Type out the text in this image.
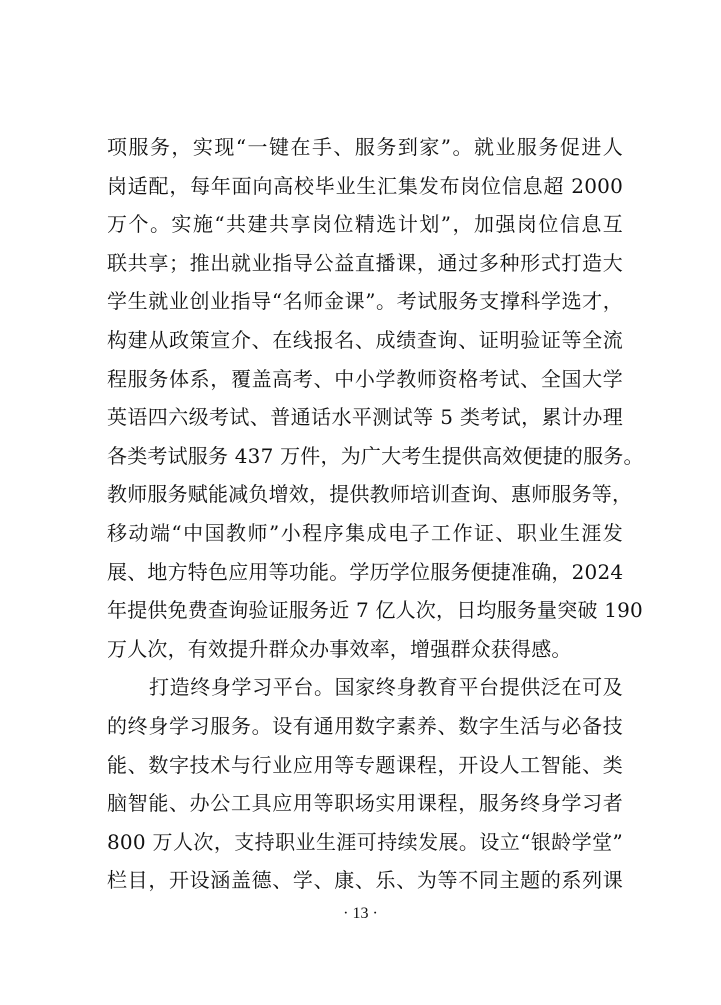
项服务，实现“一键在手、服务到家”。就业服务促进人
岗适配，每年面向高校毕业生汇集发布岗位信息超 2000
万个。实施“共建共享岗位精选计划”，加强岗位信息互
联共享；推出就业指导公益直播课，通过多种形式打造大
学生就业创业指导“名师金课”。考试服务支撑科学选才，
构建从政策宣介、在线报名、成绩查询、证明验证等全流
程服务体系，覆盖高考、中小学教师资格考试、全国大学
英语四六级考试、普通话水平测试等 5 类考试，累计办理
各类考试服务 437 万件，为广大考生提供高效便捷的服务。
教师服务赋能减负增效，提供教师培训查询、惠师服务等，
移动端“中国教师”小程序集成电子工作证、职业生涯发
展、地方特色应用等功能。学历学位服务便捷准确，2024
年提供免费查询验证服务近 7 亿人次，日均服务量突破 190
万人次，有效提升群众办事效率，增强群众获得感。
打造终身学习平台。国家终身教育平台提供泛在可及
的终身学习服务。设有通用数字素养、数字生活与必备技
能、数字技术与行业应用等专题课程，开设人工智能、类
脑智能、办公工具应用等职场实用课程，服务终身学习者
800 万人次，支持职业生涯可持续发展。设立“银龄学堂”
栏目，开设涵盖德、学、康、乐、为等不同主题的系列课
· 13 ·
